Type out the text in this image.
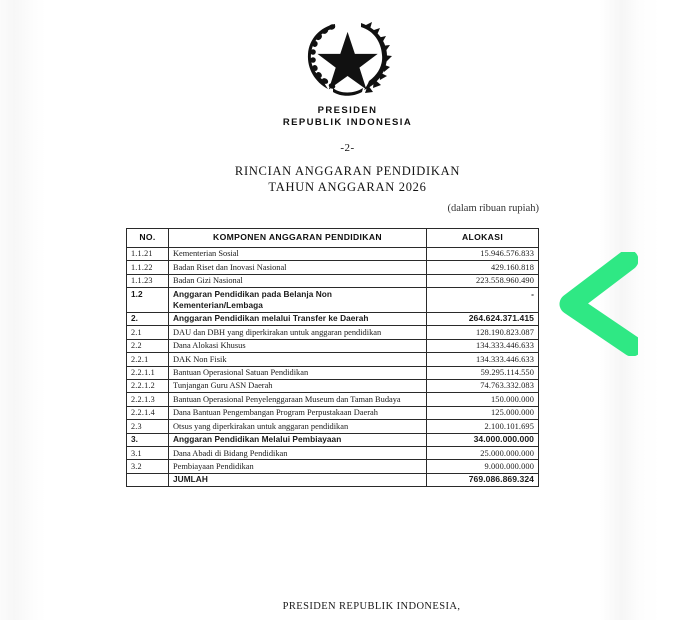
PRESIDEN
REPUBLIK INDONESIA
-2-
RINCIAN ANGGARAN PENDIDIKAN
TAHUN ANGGARAN 2026
(dalam ribuan rupiah)
NO.	KOMPONEN ANGGARAN PENDIDIKAN	ALOKASI
1.1.21	Kementerian Sosial	15.946.576.833
1.1.22	Badan Riset dan Inovasi Nasional	429.160.818
1.1.23	Badan Gizi Nasional	223.558.960.490
1.2	Anggaran Pendidikan pada Belanja Non Kementerian/Lembaga	-
2.	Anggaran Pendidikan melalui Transfer ke Daerah	264.624.371.415
2.1	DAU dan DBH yang diperkirakan untuk anggaran pendidikan	128.190.823.087
2.2	Dana Alokasi Khusus	134.333.446.633
2.2.1	DAK Non Fisik	134.333.446.633
2.2.1.1	Bantuan Operasional Satuan Pendidikan	59.295.114.550
2.2.1.2	Tunjangan Guru ASN Daerah	74.763.332.083
2.2.1.3	Bantuan Operasional Penyelenggaraan Museum dan Taman Budaya	150.000.000
2.2.1.4	Dana Bantuan Pengembangan Program Perpustakaan Daerah	125.000.000
2.3	Otsus yang diperkirakan untuk anggaran pendidikan	2.100.101.695
3.	Anggaran Pendidikan Melalui Pembiayaan	34.000.000.000
3.1	Dana Abadi di Bidang Pendidikan	25.000.000.000
3.2	Pembiayaan Pendidikan	9.000.000.000
	JUMLAH	769.086.869.324
PRESIDEN REPUBLIK INDONESIA,
